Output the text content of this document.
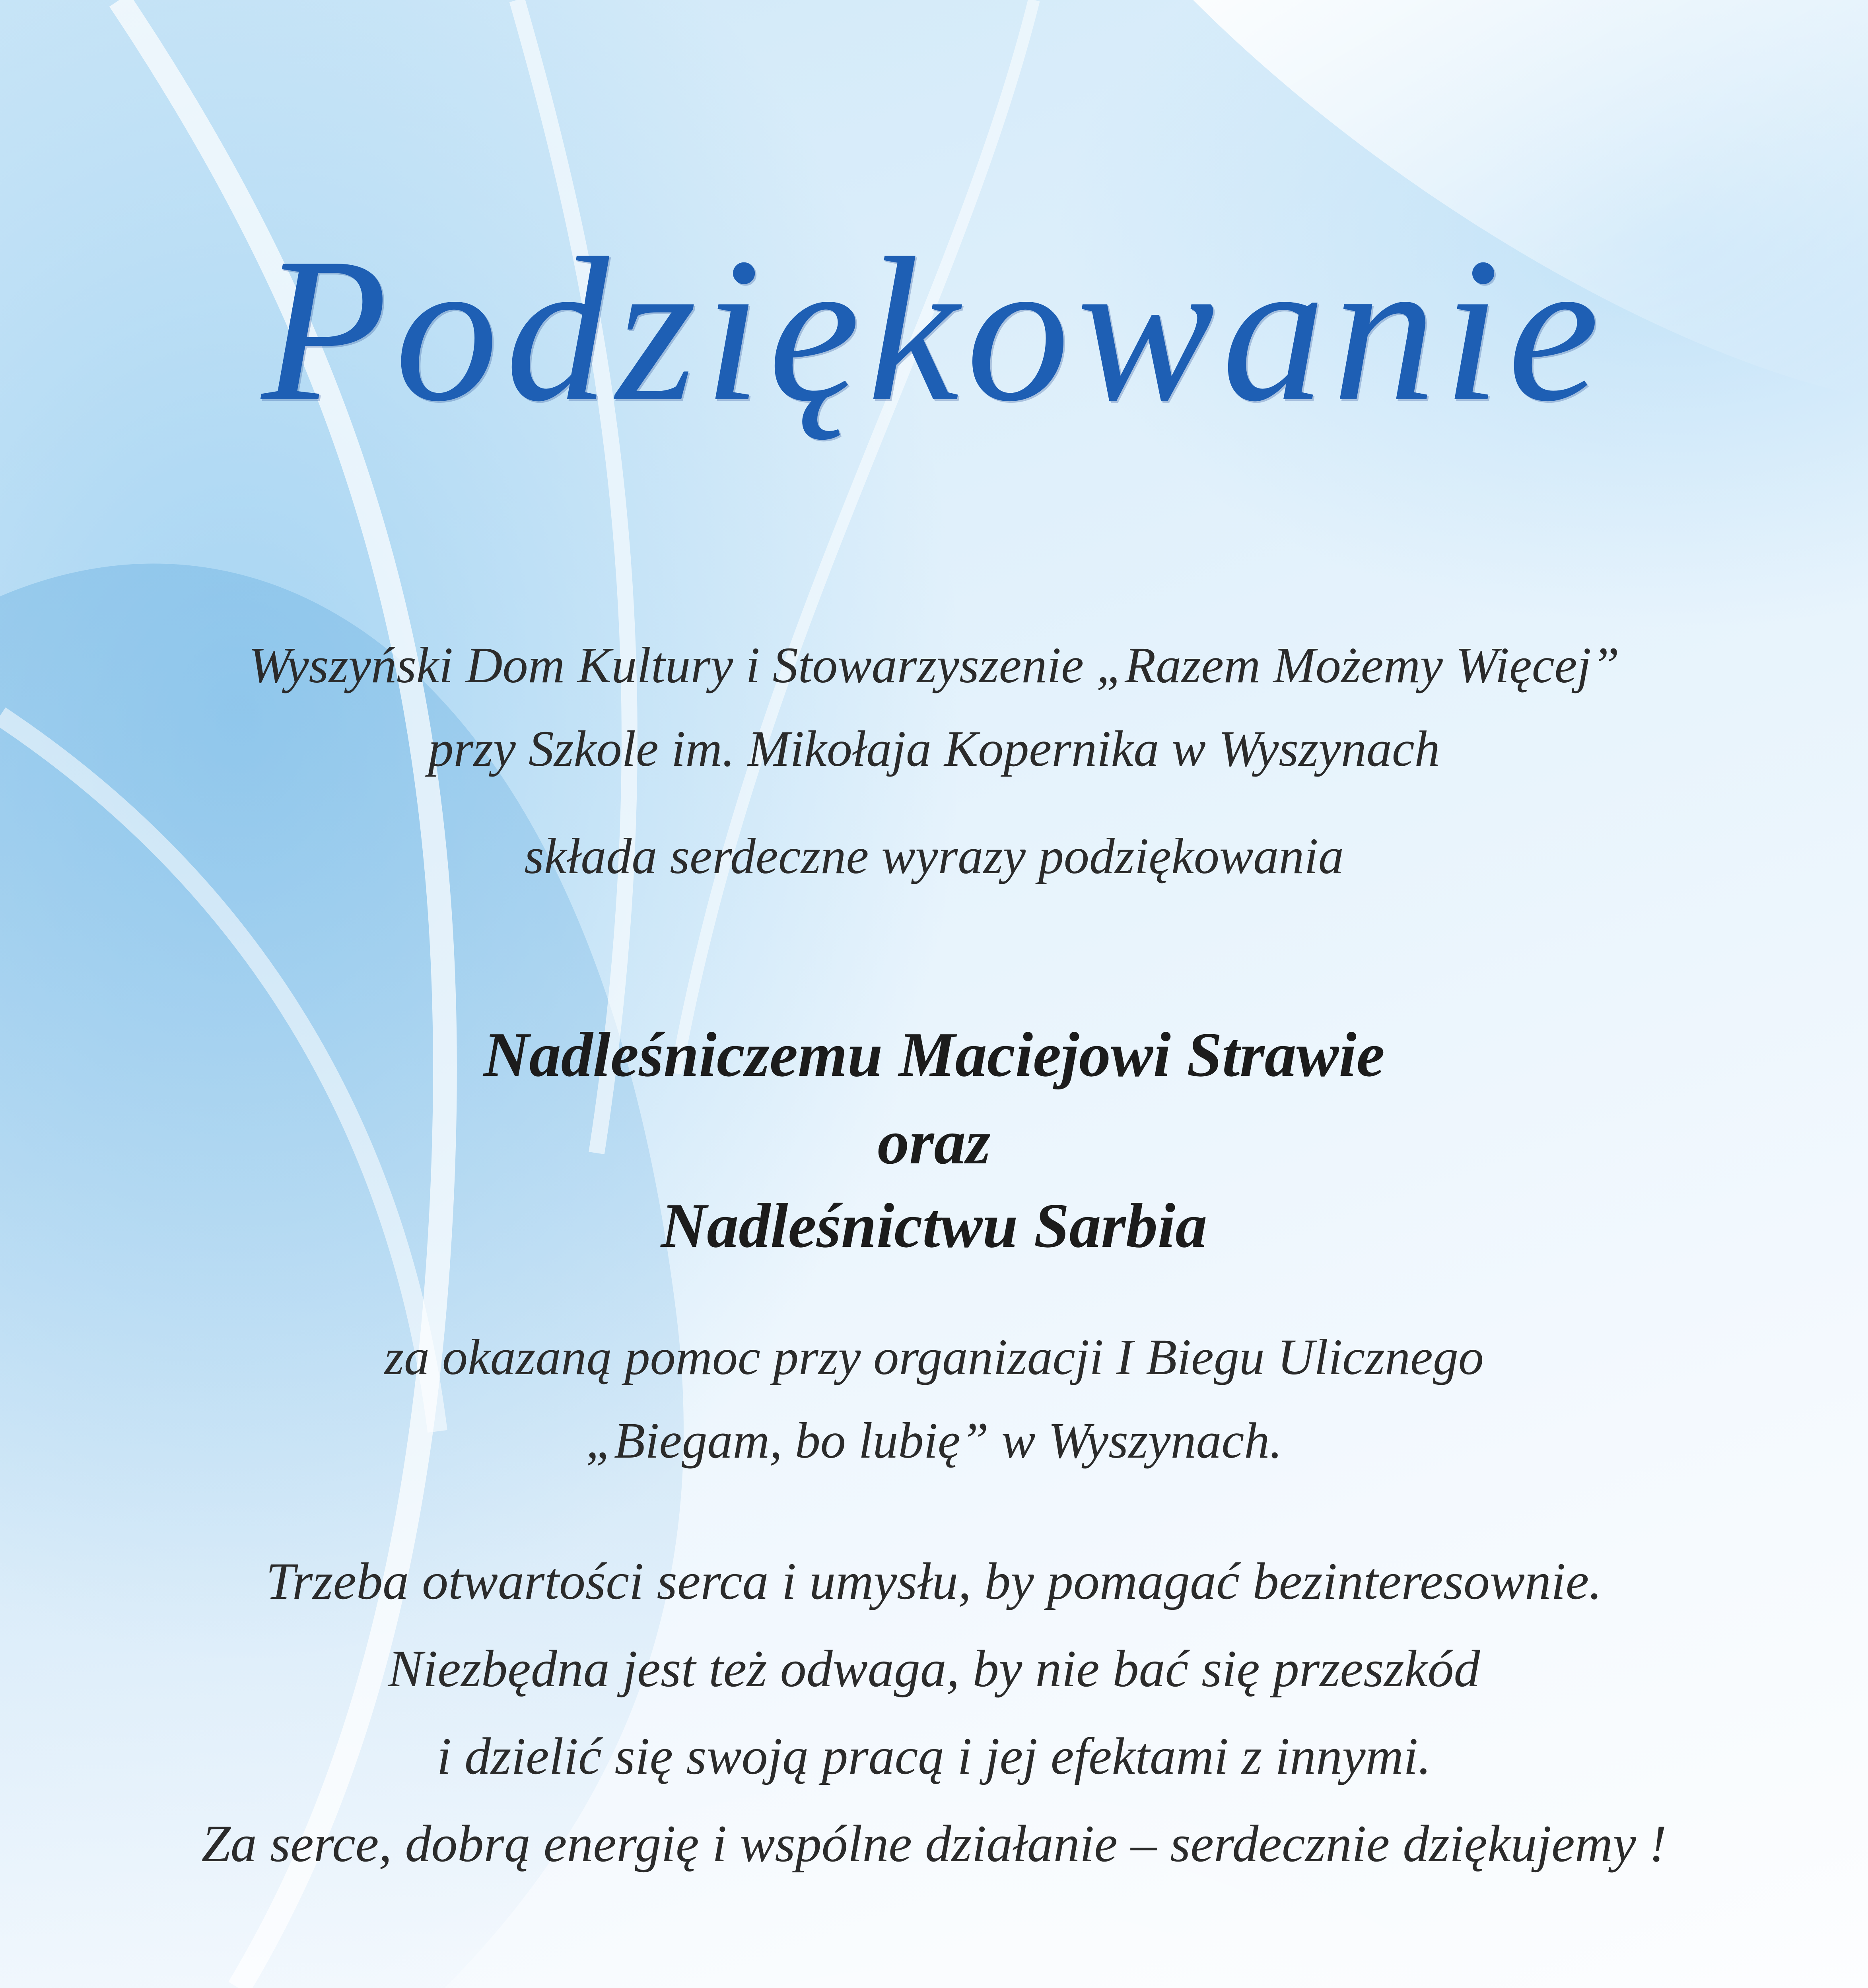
Podziękowanie
Wyszyński Dom Kultury i Stowarzyszenie „Razem Możemy Więcej”
przy Szkole im. Mikołaja Kopernika w Wyszynach
składa serdeczne wyrazy podziękowania
Nadleśniczemu Maciejowi Strawie
oraz
Nadleśnictwu Sarbia
za okazaną pomoc przy organizacji I Biegu Ulicznego
„Biegam, bo lubię” w Wyszynach.
Trzeba otwartości serca i umysłu, by pomagać bezinteresownie.
Niezbędna jest też odwaga, by nie bać się przeszkód
i dzielić się swoją pracą i jej efektami z innymi.
Za serce, dobrą energię i wspólne działanie – serdecznie dziękujemy !
